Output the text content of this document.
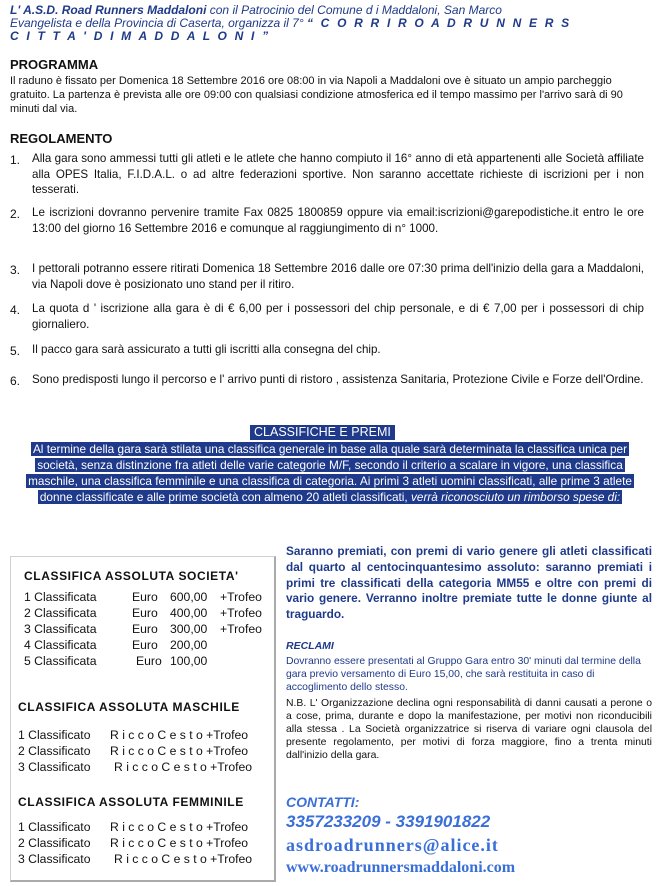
L' A.S.D. Road Runners Maddaloni con il Patrocinio del Comune d i Maddaloni, San Marco
Evangelista e della Provincia di Caserta, organizza il 7° “ C O R R I R O A D R U N N E R S
C I T T A ' D I M A D D A L O N I ”
PROGRAMMA
Il raduno è fissato per Domenica 18 Settembre 2016 ore 08:00 in via Napoli a Maddaloni ove è situato un ampio parcheggio gratuito. La partenza è prevista alle ore 09:00 con qualsiasi condizione atmosferica ed il tempo massimo per l'arrivo sarà di 90 minuti dal via.
REGOLAMENTO
1. Alla gara sono ammessi tutti gli atleti e le atlete che hanno compiuto il 16° anno di età appartenenti alle Società affiliate alla OPES Italia, F.I.D.A.L. o ad altre federazioni sportive. Non saranno accettate richieste di iscrizioni per i non tesserati.
2. Le iscrizioni dovranno pervenire tramite Fax 0825 1800859 oppure via email:iscrizioni@garepodistiche.it entro le ore 13:00 del giorno 16 Settembre 2016 e comunque al raggiungimento di n° 1000.
3. I pettorali potranno essere ritirati Domenica 18 Settembre 2016 dalle ore 07:30 prima dell'inizio della gara a Maddaloni, via Napoli dove è posizionato uno stand per il ritiro.
4. La quota d ' iscrizione alla gara è di € 6,00 per i possessori del chip personale, e di € 7,00 per i possessori di chip giornaliero.
5. Il pacco gara sarà assicurato a tutti gli iscritti alla consegna del chip.
6. Sono predisposti lungo il percorso e l' arrivo punti di ristoro , assistenza Sanitaria, Protezione Civile e Forze dell'Ordine.
CLASSIFICHE E PREMI
Al termine della gara sarà stilata una classifica generale in base alla quale sarà determinata la classifica unica per società, senza distinzione fra atleti delle varie categorie M/F, secondo il criterio a scalare in vigore, una classifica maschile, una classifica femminile e una classifica di categoria. Ai primi 3 atleti uomini classificati, alle prime 3 atlete donne classificate e alle prime società con almeno 20 atleti classificati, verrà riconosciuto un rimborso spese di:
CLASSIFICA ASSOLUTA SOCIETA'
1 Classificata	Euro 600,00 +Trofeo
2 Classificata	Euro 400,00 +Trofeo
3 Classificata	Euro 300,00 +Trofeo
4 Classificata	Euro 200,00
5 Classificata	Euro 100,00
CLASSIFICA ASSOLUTA MASCHILE
1 Classificato R i c c o C e s t o +Trofeo
2 Classificato R i c c o C e s t o +Trofeo
3 Classificato R i c c o C e s t o +Trofeo
CLASSIFICA ASSOLUTA FEMMINILE
1 Classificato R i c c o C e s t o +Trofeo
2 Classificato R i c c o C e s t o +Trofeo
3 Classificato R i c c o C e s t o +Trofeo
Saranno premiati, con premi di vario genere gli atleti classificati dal quarto al centocinquantesimo assoluto: saranno premiati i primi tre classificati della categoria MM55 e oltre con premi di vario genere. Verranno inoltre premiate tutte le donne giunte al traguardo.
RECLAMI
Dovranno essere presentati al Gruppo Gara entro 30' minuti dal termine della gara previo versamento di Euro 15,00, che sarà restituita in caso di accoglimento dello stesso.
N.B. L' Organizzazione declina ogni responsabilità di danni causati a perone o a cose, prima, durante e dopo la manifestazione, per motivi non riconducibili alla stessa . La Società organizzatrice si riserva di variare ogni clausola del presente regolamento, per motivi di forza maggiore, fino a trenta minuti dall'inizio della gara.
CONTATTI:
3357233209 - 3391901822
asdroadrunners@alice.it
www.roadrunnersmaddaloni.com
